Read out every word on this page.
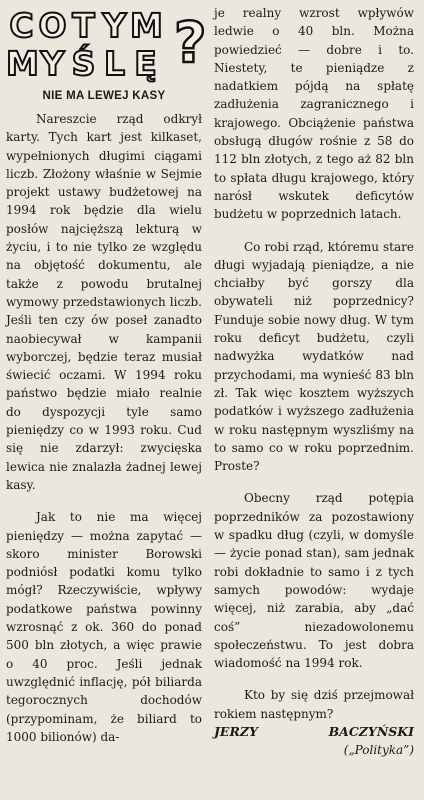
C O T Y M
M Y Ś L Ę ?
NIE MA LEWEJ KASY

Nareszcie rząd odkrył karty. Tych kart jest kilkaset, wypełnionych długimi ciągami liczb. Złożony właśnie w Sejmie projekt ustawy budżetowej na 1994 rok będzie dla wielu posłów najcięższą lekturą w życiu, i to nie tylko ze względu na objętość dokumentu, ale także z powodu brutalnej wymowy przedstawionych liczb. Jeśli ten czy ów poseł zanadto naobiecywał w kampanii wyborczej, będzie teraz musiał świecić oczami. W 1994 roku państwo będzie miało realnie do dyspozycji tyle samo pieniędzy co w 1993 roku. Cud się nie zdarzył: zwycięska lewica nie znalazła żadnej lewej kasy.

Jak to nie ma więcej pieniędzy — można zapytać — skoro minister Borowski podniósł podatki komu tylko mógł? Rzeczywiście, wpływy podatkowe państwa powinny wzrosnąć z ok. 360 do ponad 500 bln złotych, a więc prawie o 40 proc. Jeśli jednak uwzględnić inflację, pół biliarda tegorocznych dochodów (przypominam, że biliard to 1000 bilionów) da-

je realny wzrost wpływów ledwie o 40 bln. Można powiedzieć — dobre i to. Niestety, te pieniądze z nadatkiem pójdą na spłatę zadłużenia zagranicznego i krajowego. Obciążenie państwa obsługą długów rośnie z 58 do 112 bln złotych, z tego aż 82 bln to spłata długu krajowego, który narósł wskutek deficytów budżetu w poprzednich latach.

Co robi rząd, któremu stare długi wyjadają pieniądze, a nie chciałby być gorszy dla obywateli niż poprzednicy? Funduje sobie nowy dług. W tym roku deficyt budżetu, czyli nadwyżka wydatków nad przychodami, ma wynieść 83 bln zł. Tak więc kosztem wyższych podatków i wyższego zadłużenia w roku następnym wyszliśmy na to samo co w roku poprzednim. Proste?

Obecny rząd potępia poprzedników za pozostawiony w spadku dług (czyli, w domyśle — życie ponad stan), sam jednak robi dokładnie to samo i z tych samych powodów: wydaje więcej, niż zarabia, aby „dać coś” niezadowolonemu społeczeństwu. To jest dobra wiadomość na 1994 rok.

Kto by się dziś przejmował rokiem następnym?

JERZY	BACZYŃSKI
(„Polityka”)
